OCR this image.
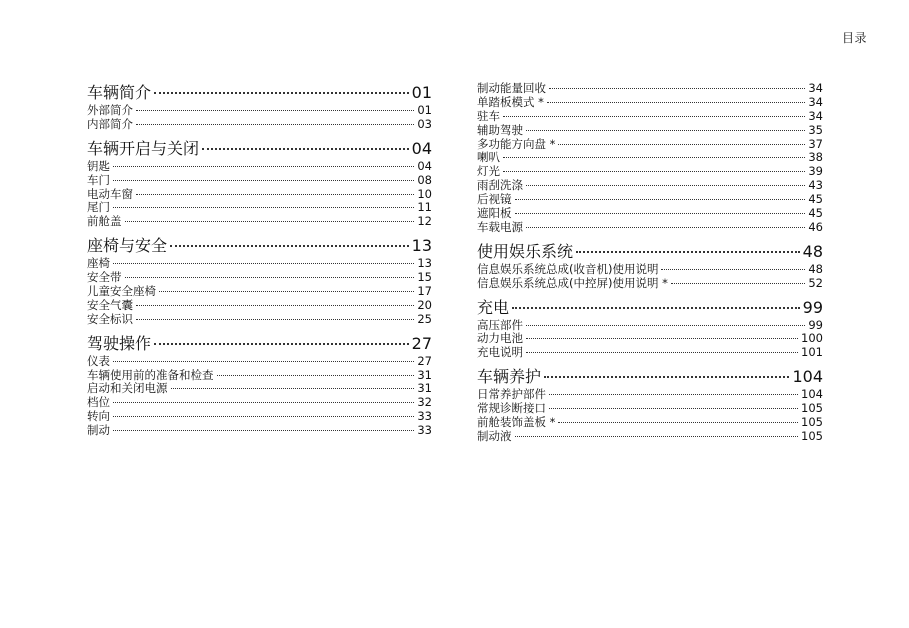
目录
车辆简介	01
外部简介	01
内部简介	03
车辆开启与关闭	04
钥匙	04
车门	08
电动车窗	10
尾门	11
前舱盖	12
座椅与安全	13
座椅	13
安全带	15
儿童安全座椅	17
安全气囊	20
安全标识	25
驾驶操作	27
仪表	27
车辆使用前的准备和检查	31
启动和关闭电源	31
档位	32
转向	33
制动	33
制动能量回收	34
单踏板模式 *	34
驻车	34
辅助驾驶	35
多功能方向盘 *	37
喇叭	38
灯光	39
雨刮洗涤	43
后视镜	45
遮阳板	45
车载电源	46
使用娱乐系统	48
信息娱乐系统总成(收音机)使用说明	48
信息娱乐系统总成(中控屏)使用说明 *	52
充电	99
高压部件	99
动力电池	100
充电说明	101
车辆养护	104
日常养护部件	104
常规诊断接口	105
前舱装饰盖板 *	105
制动液	105
